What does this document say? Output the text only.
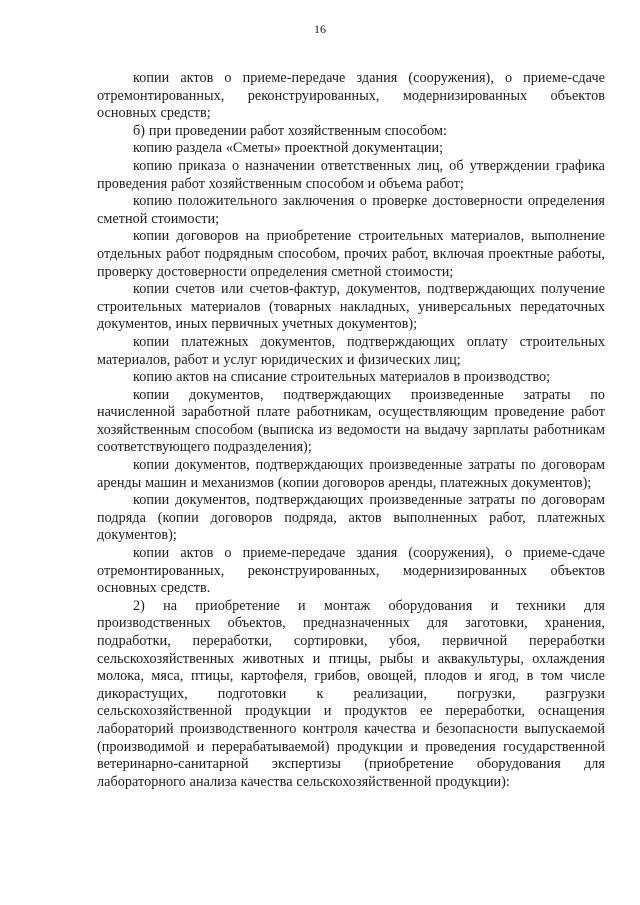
16

копии актов о приеме-передаче здания (сооружения), о приеме-сдаче отремонтированных, реконструированных, модернизированных объектов основных средств;

б) при проведении работ хозяйственным способом:

копию раздела «Сметы» проектной документации;

копию приказа о назначении ответственных лиц, об утверждении графика проведения работ хозяйственным способом и объема работ;

копию положительного заключения о проверке достоверности определения сметной стоимости;

копии договоров на приобретение строительных материалов, выполнение отдельных работ подрядным способом, прочих работ, включая проектные работы, проверку достоверности определения сметной стоимости;

копии счетов или счетов-фактур, документов, подтверждающих получение строительных материалов (товарных накладных, универсальных передаточных документов, иных первичных учетных документов);

копии платежных документов, подтверждающих оплату строительных материалов, работ и услуг юридических и физических лиц;

копию актов на списание строительных материалов в производство;

копии документов, подтверждающих произведенные затраты по начисленной заработной плате работникам, осуществляющим проведение работ хозяйственным способом (выписка из ведомости на выдачу зарплаты работникам соответствующего подразделения);

копии документов, подтверждающих произведенные затраты по договорам аренды машин и механизмов (копии договоров аренды, платежных документов);

копии документов, подтверждающих произведенные затраты по договорам подряда (копии договоров подряда, актов выполненных работ, платежных документов);

копии актов о приеме-передаче здания (сооружения), о приеме-сдаче отремонтированных, реконструированных, модернизированных объектов основных средств.

2) на приобретение и монтаж оборудования и техники для производственных объектов, предназначенных для заготовки, хранения, подработки, переработки, сортировки, убоя, первичной переработки сельскохозяйственных животных и птицы, рыбы и аквакультуры, охлаждения молока, мяса, птицы, картофеля, грибов, овощей, плодов и ягод, в том числе дикорастущих, подготовки к реализации, погрузки, разгрузки сельскохозяйственной продукции и продуктов ее переработки, оснащения лабораторий производственного контроля качества и безопасности выпускаемой (производимой и перерабатываемой) продукции и проведения государственной ветеринарно-санитарной экспертизы (приобретение оборудования для лабораторного анализа качества сельскохозяйственной продукции):
